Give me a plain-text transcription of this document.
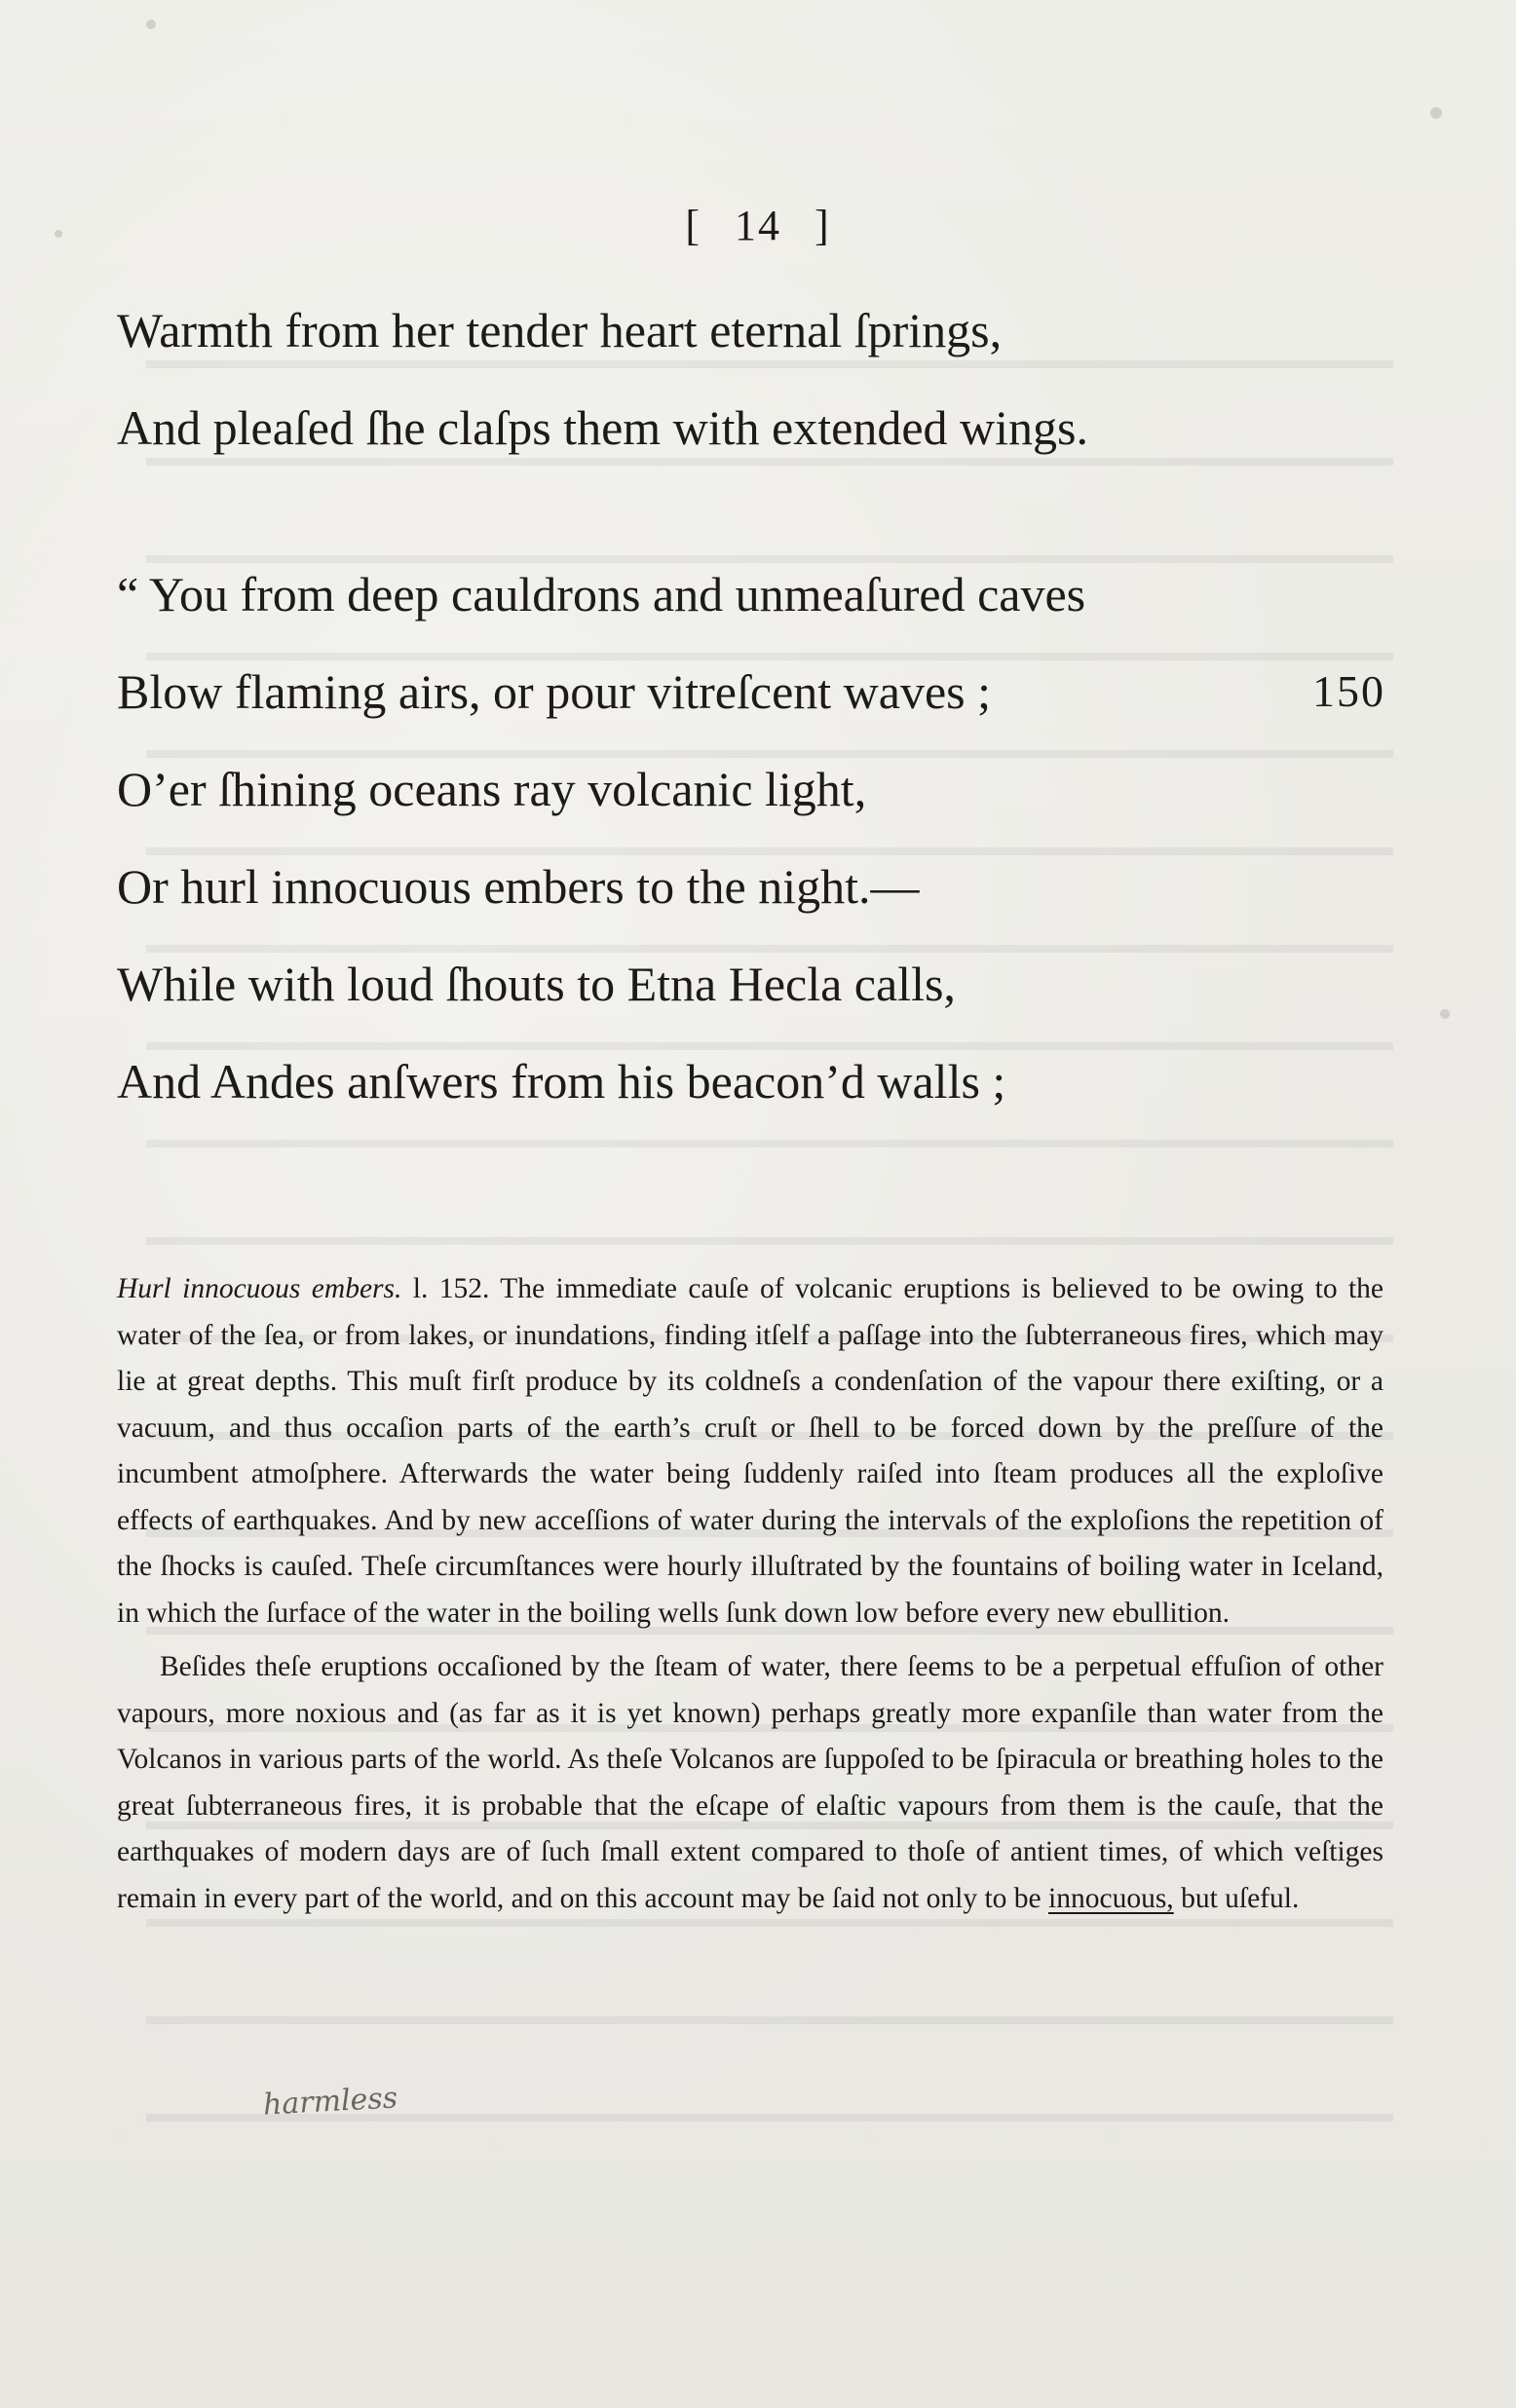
[ 14 ]
Warmth from her tender heart eternal ſprings,
And pleaſed ſhe claſps them with extended wings.
“ You from deep cauldrons and unmeaſured caves
Blow flaming airs, or pour vitreſcent waves ;	150
O’er ſhining oceans ray volcanic light,
Or hurl innocuous embers to the night.—
While with loud ſhouts to Etna Hecla calls,
And Andes anſwers from his beacon’d walls ;

Hurl innocuous embers. l. 152. The immediate cauſe of volcanic eruptions is believed to be owing to the water of the ſea, or from lakes, or inundations, finding itſelf a paſſage into the ſubterraneous fires, which may lie at great depths. This muſt firſt produce by its coldneſs a condenſation of the vapour there exiſting, or a vacuum, and thus occaſion parts of the earth’s cruſt or ſhell to be forced down by the preſſure of the incumbent atmoſphere. Afterwards the water being ſuddenly raiſed into ſteam produces all the exploſive effects of earthquakes. And by new acceſſions of water during the intervals of the exploſions the repetition of the ſhocks is cauſed. Theſe circumſtances were hourly illuſtrated by the fountains of boiling water in Iceland, in which the ſurface of the water in the boiling wells ſunk down low before every new ebullition.

Beſides theſe eruptions occaſioned by the ſteam of water, there ſeems to be a perpetual effuſion of other vapours, more noxious and (as far as it is yet known) perhaps greatly more expanſile than water from the Volcanos in various parts of the world. As theſe Volcanos are ſuppoſed to be ſpiracula or breathing holes to the great ſubterraneous fires, it is probable that the eſcape of elaſtic vapours from them is the cauſe, that the earthquakes of modern days are of ſuch ſmall extent compared to thoſe of antient times, of which veſtiges remain in every part of the world, and on this account may be ſaid not only to be innocuous, but uſeful.

harmless
